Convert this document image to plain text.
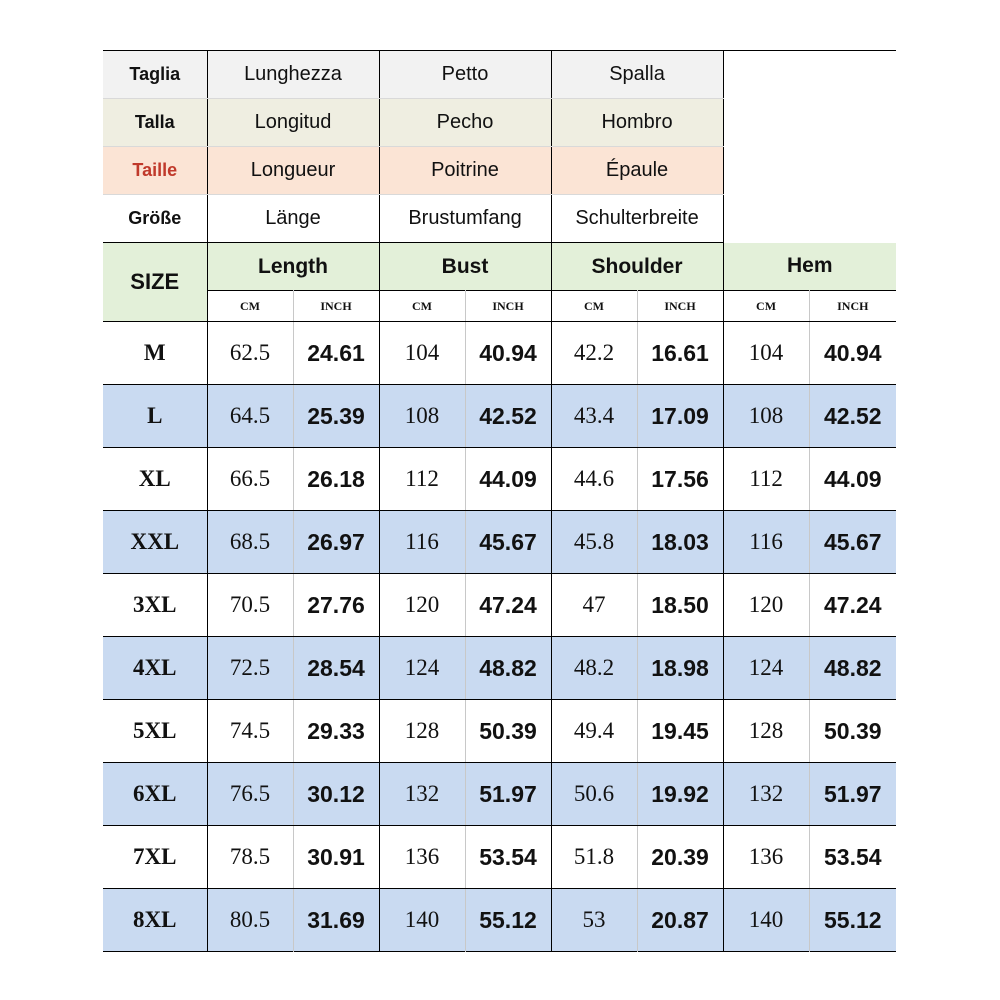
Taglia	Lunghezza		Petto		Spalla			
Talla	Longitud		Pecho		Hombro			
Taille	Longueur		Poitrine		Épaule			
Größe	Länge		Brustumfang		Schulterbreite			
SIZE	Length		Bust		Shoulder		Hem	
	CM	INCH	CM	INCH	CM	INCH	CM	INCH
M	62.5	24.61	104	40.94	42.2	16.61	104	40.94
L	64.5	25.39	108	42.52	43.4	17.09	108	42.52
XL	66.5	26.18	112	44.09	44.6	17.56	112	44.09
XXL	68.5	26.97	116	45.67	45.8	18.03	116	45.67
3XL	70.5	27.76	120	47.24	47	18.50	120	47.24
4XL	72.5	28.54	124	48.82	48.2	18.98	124	48.82
5XL	74.5	29.33	128	50.39	49.4	19.45	128	50.39
6XL	76.5	30.12	132	51.97	50.6	19.92	132	51.97
7XL	78.5	30.91	136	53.54	51.8	20.39	136	53.54
8XL	80.5	31.69	140	55.12	53	20.87	140	55.12
